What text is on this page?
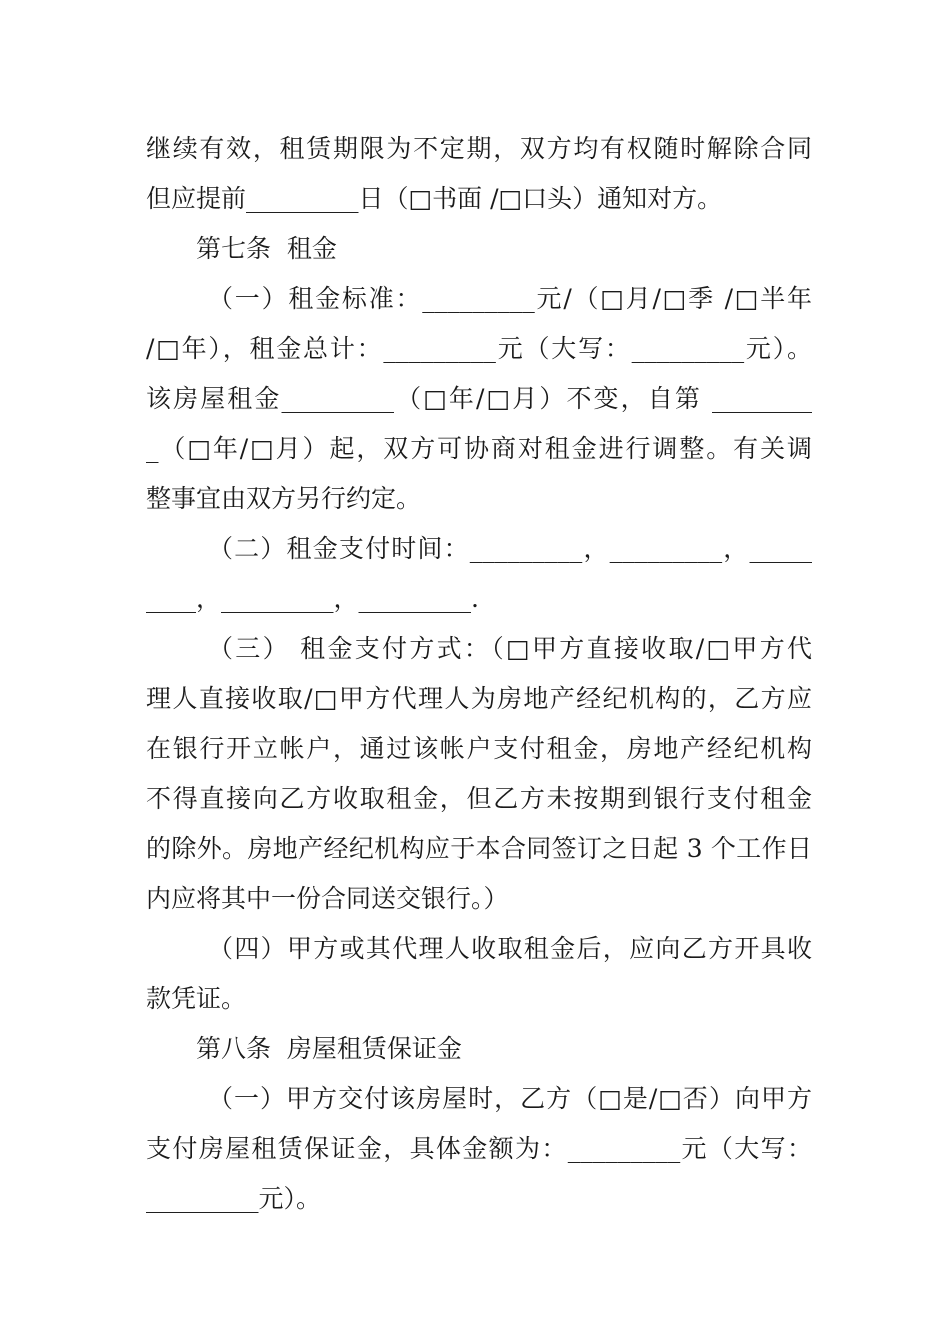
继续有效，租赁期限为不定期，双方均有权随时解除合同
但应提前_________日（□书面 /□口头）通知对方。
第七条  租金
（一）租金标准：_________元/（□月/□季 /□半年
/□年），租金总计：_________元（大写：_________元）。
该房屋租金_________（□年/□月）不变，自第 ________
_（□年/□月）起，双方可协商对租金进行调整。有关调
整事宜由双方另行约定。
（二）租金支付时间：_________，_________，_____
____，_________，_________.
（三） 租金支付方式：（□甲方直接收取/□甲方代
理人直接收取/□甲方代理人为房地产经纪机构的，乙方应
在银行开立帐户，通过该帐户支付租金，房地产经纪机构
不得直接向乙方收取租金，但乙方未按期到银行支付租金
的除外。房地产经纪机构应于本合同签订之日起 3 个工作日
内应将其中一份合同送交银行。）
（四）甲方或其代理人收取租金后，应向乙方开具收
款凭证。
第八条  房屋租赁保证金
（一）甲方交付该房屋时，乙方（□是/□否）向甲方
支付房屋租赁保证金，具体金额为：_________元（大写：
_________元）。
